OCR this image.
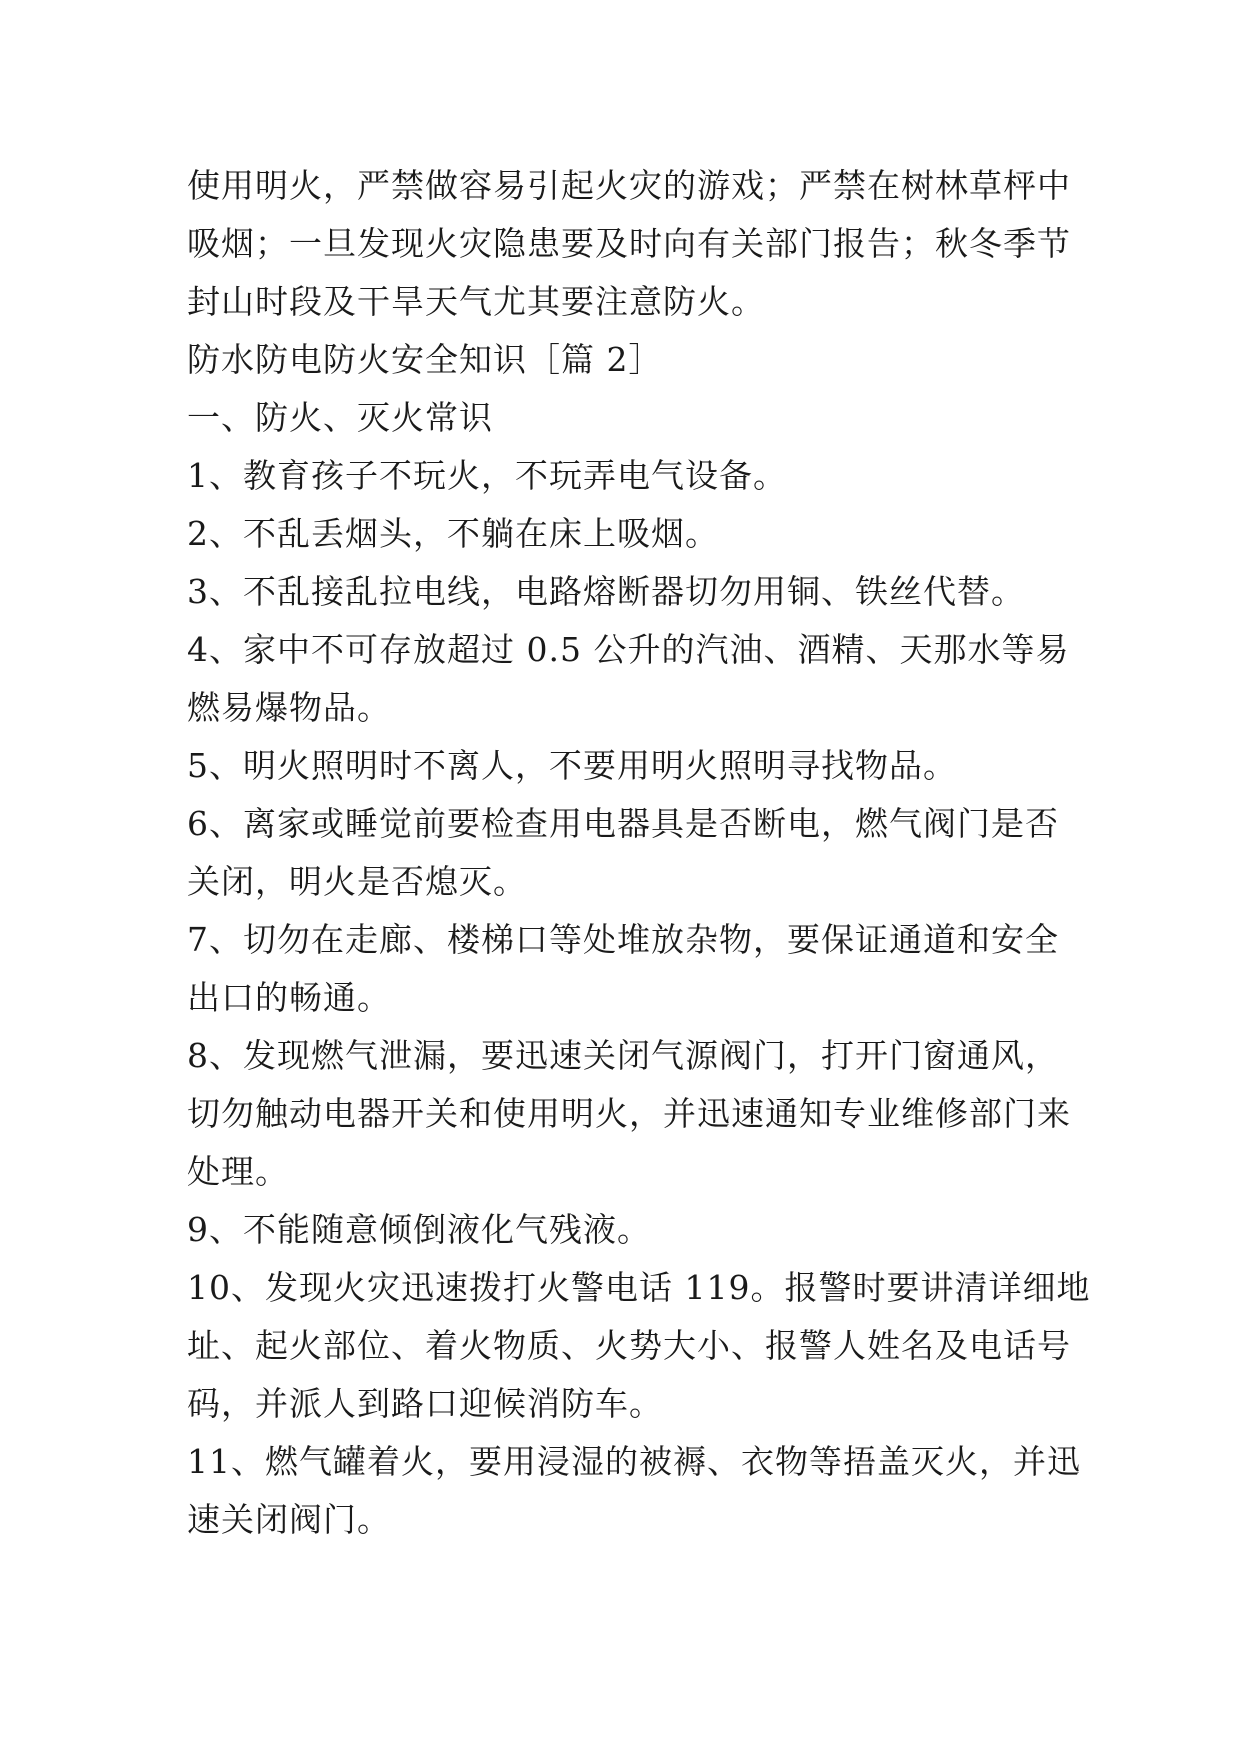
使用明火，严禁做容易引起火灾的游戏；严禁在树林草枰中
吸烟；一旦发现火灾隐患要及时向有关部门报告；秋冬季节
封山时段及干旱天气尤其要注意防火。
防水防电防火安全知识［篇 2］
一、防火、灭火常识
1、教育孩子不玩火，不玩弄电气设备。
2、不乱丢烟头，不躺在床上吸烟。
3、不乱接乱拉电线，电路熔断器切勿用铜、铁丝代替。
4、家中不可存放超过 0.5 公升的汽油、酒精、天那水等易
燃易爆物品。
5、明火照明时不离人，不要用明火照明寻找物品。
6、离家或睡觉前要检查用电器具是否断电，燃气阀门是否
关闭，明火是否熄灭。
7、切勿在走廊、楼梯口等处堆放杂物，要保证通道和安全
出口的畅通。
8、发现燃气泄漏，要迅速关闭气源阀门，打开门窗通风，
切勿触动电器开关和使用明火，并迅速通知专业维修部门来
处理。
9、不能随意倾倒液化气残液。
10、发现火灾迅速拨打火警电话 119。报警时要讲清详细地
址、起火部位、着火物质、火势大小、报警人姓名及电话号
码，并派人到路口迎候消防车。
11、燃气罐着火，要用浸湿的被褥、衣物等捂盖灭火，并迅
速关闭阀门。
